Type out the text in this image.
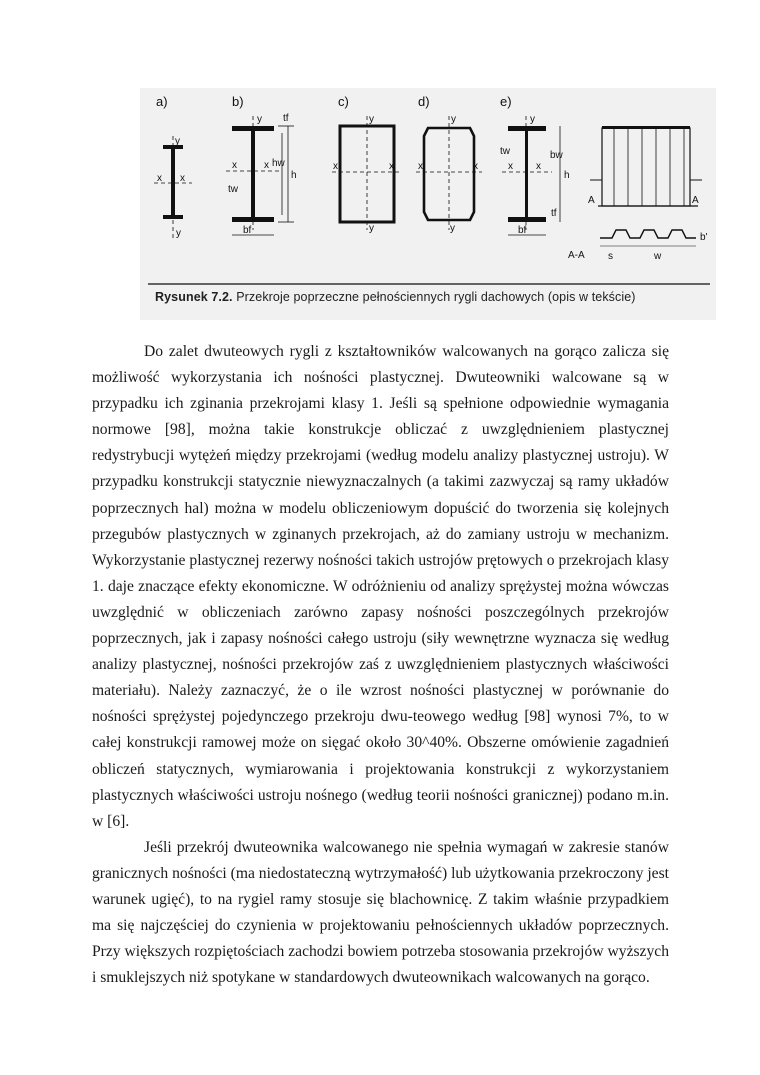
a)	b)	c)	d)	e)
y
x x
y
y
x	x
h
hw
tw
bf
tf	y
x	x
y
y
x	x
y
y
x x
h
bw
tw
bf
tf
A	A
A-A s	w
b'
Rysunek 7.2. Przekroje poprzeczne pełnościennych rygli dachowych (opis w tekście)

Do zalet dwuteowych rygli z kształtowników walcowanych na gorąco zalicza się możliwość wykorzystania ich nośności plastycznej. Dwuteowniki walcowane są w przypadku ich zginania przekrojami klasy 1. Jeśli są spełnione odpowiednie wymagania normowe [98], można takie konstrukcje obliczać z uwzględnieniem plastycznej redystrybucji wytężeń między przekrojami (według modelu analizy plastycznej ustroju). W przypadku konstrukcji statycznie niewyznaczalnych (a takimi zazwyczaj są ramy układów poprzecznych hal) można w modelu obliczeniowym dopuścić do tworzenia się kolejnych przegubów plastycznych w zginanych przekrojach, aż do zamiany ustroju w mechanizm. Wykorzystanie plastycznej rezerwy nośności takich ustrojów prętowych o przekrojach klasy 1. daje znaczące efekty ekonomiczne. W odróżnieniu od analizy sprężystej można wówczas uwzględnić w obliczeniach zarówno zapasy nośności poszczególnych przekrojów poprzecznych, jak i zapasy nośności całego ustroju (siły wewnętrzne wyznacza się według analizy plastycznej, nośności przekrojów zaś z uwzględnieniem plastycznych właściwości materiału). Należy zaznaczyć, że o ile wzrost nośności plastycznej w porównanie do nośności sprężystej pojedynczego przekroju dwu-teowego według [98] wynosi 7%, to w całej konstrukcji ramowej może on sięgać około 30^40%. Obszerne omówienie zagadnień obliczeń statycznych, wymiarowania i projektowania konstrukcji z wykorzystaniem plastycznych właściwości ustroju nośnego (według teorii nośności granicznej) podano m.in. w [6].

Jeśli przekrój dwuteownika walcowanego nie spełnia wymagań w zakresie stanów granicznych nośności (ma niedostateczną wytrzymałość) lub użytkowania przekroczony jest warunek ugięć), to na rygiel ramy stosuje się blachownicę. Z takim właśnie przypadkiem ma się najczęściej do czynienia w projektowaniu pełnościennych układów poprzecznych. Przy większych rozpiętościach zachodzi bowiem potrzeba stosowania przekrojów wyższych i smuklejszych niż spotykane w standardowych dwuteownikach walcowanych na gorąco.
